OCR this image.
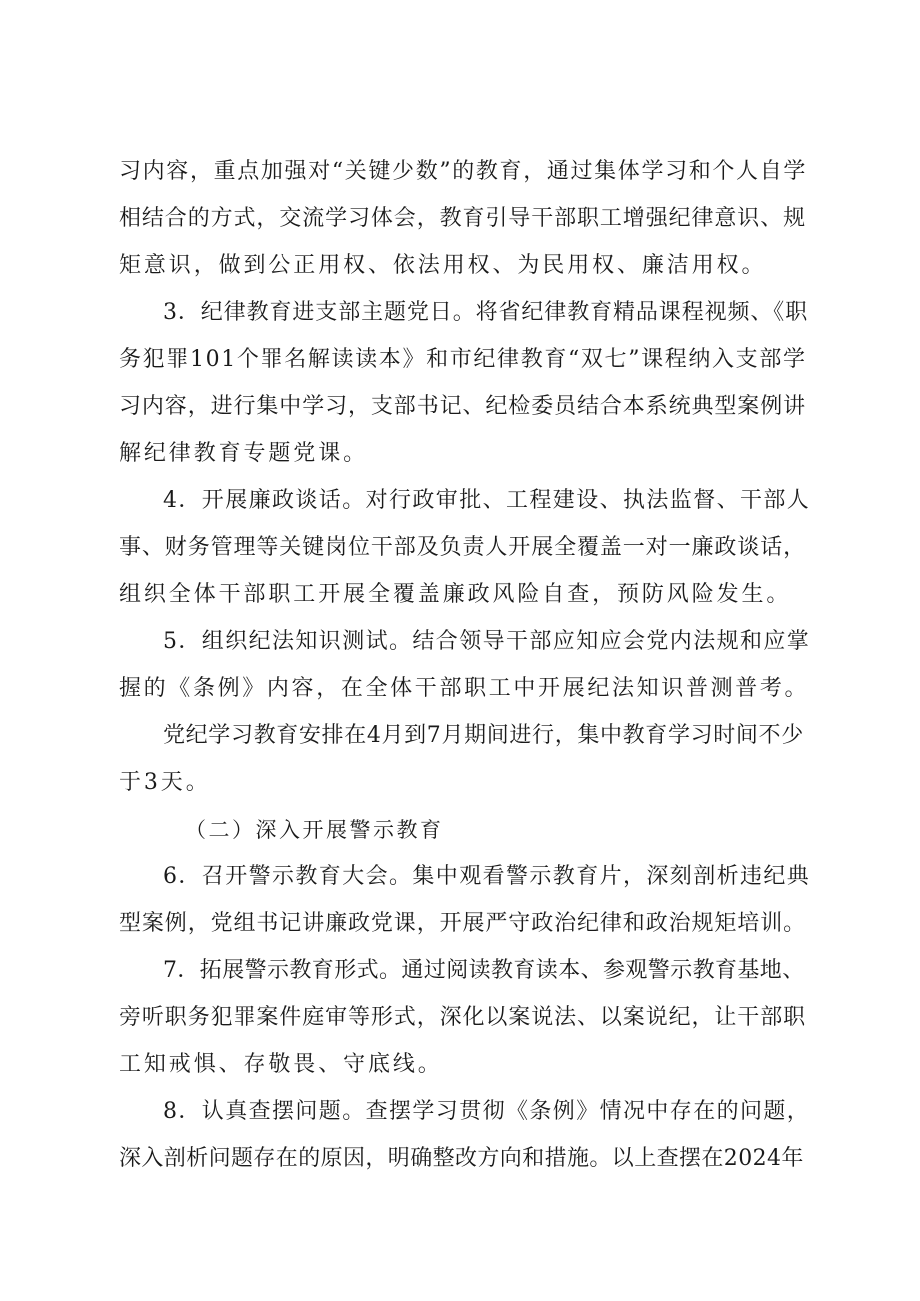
习内容，重点加强对“关键少数”的教育，通过集体学习和个人自学

相结合的方式，交流学习体会，教育引导干部职工增强纪律意识、规

矩意识，做到公正用权、依法用权、为民用权、廉洁用权。

3．纪律教育进支部主题党日。将省纪律教育精品课程视频、《职

务犯罪101个罪名解读读本》和市纪律教育“双七”课程纳入支部学

习内容，进行集中学习，支部书记、纪检委员结合本系统典型案例讲

解纪律教育专题党课。

4．开展廉政谈话。对行政审批、工程建设、执法监督、干部人

事、财务管理等关键岗位干部及负责人开展全覆盖一对一廉政谈话，

组织全体干部职工开展全覆盖廉政风险自查，预防风险发生。

5．组织纪法知识测试。结合领导干部应知应会党内法规和应掌

握的《条例》内容，在全体干部职工中开展纪法知识普测普考。

党纪学习教育安排在4月到7月期间进行，集中教育学习时间不少

于3天。

（二）深入开展警示教育

6．召开警示教育大会。集中观看警示教育片，深刻剖析违纪典

型案例，党组书记讲廉政党课，开展严守政治纪律和政治规矩培训。

7．拓展警示教育形式。通过阅读教育读本、参观警示教育基地、

旁听职务犯罪案件庭审等形式，深化以案说法、以案说纪，让干部职

工知戒惧、存敬畏、守底线。

8．认真查摆问题。查摆学习贯彻《条例》情况中存在的问题，

深入剖析问题存在的原因，明确整改方向和措施。以上查摆在2024年
